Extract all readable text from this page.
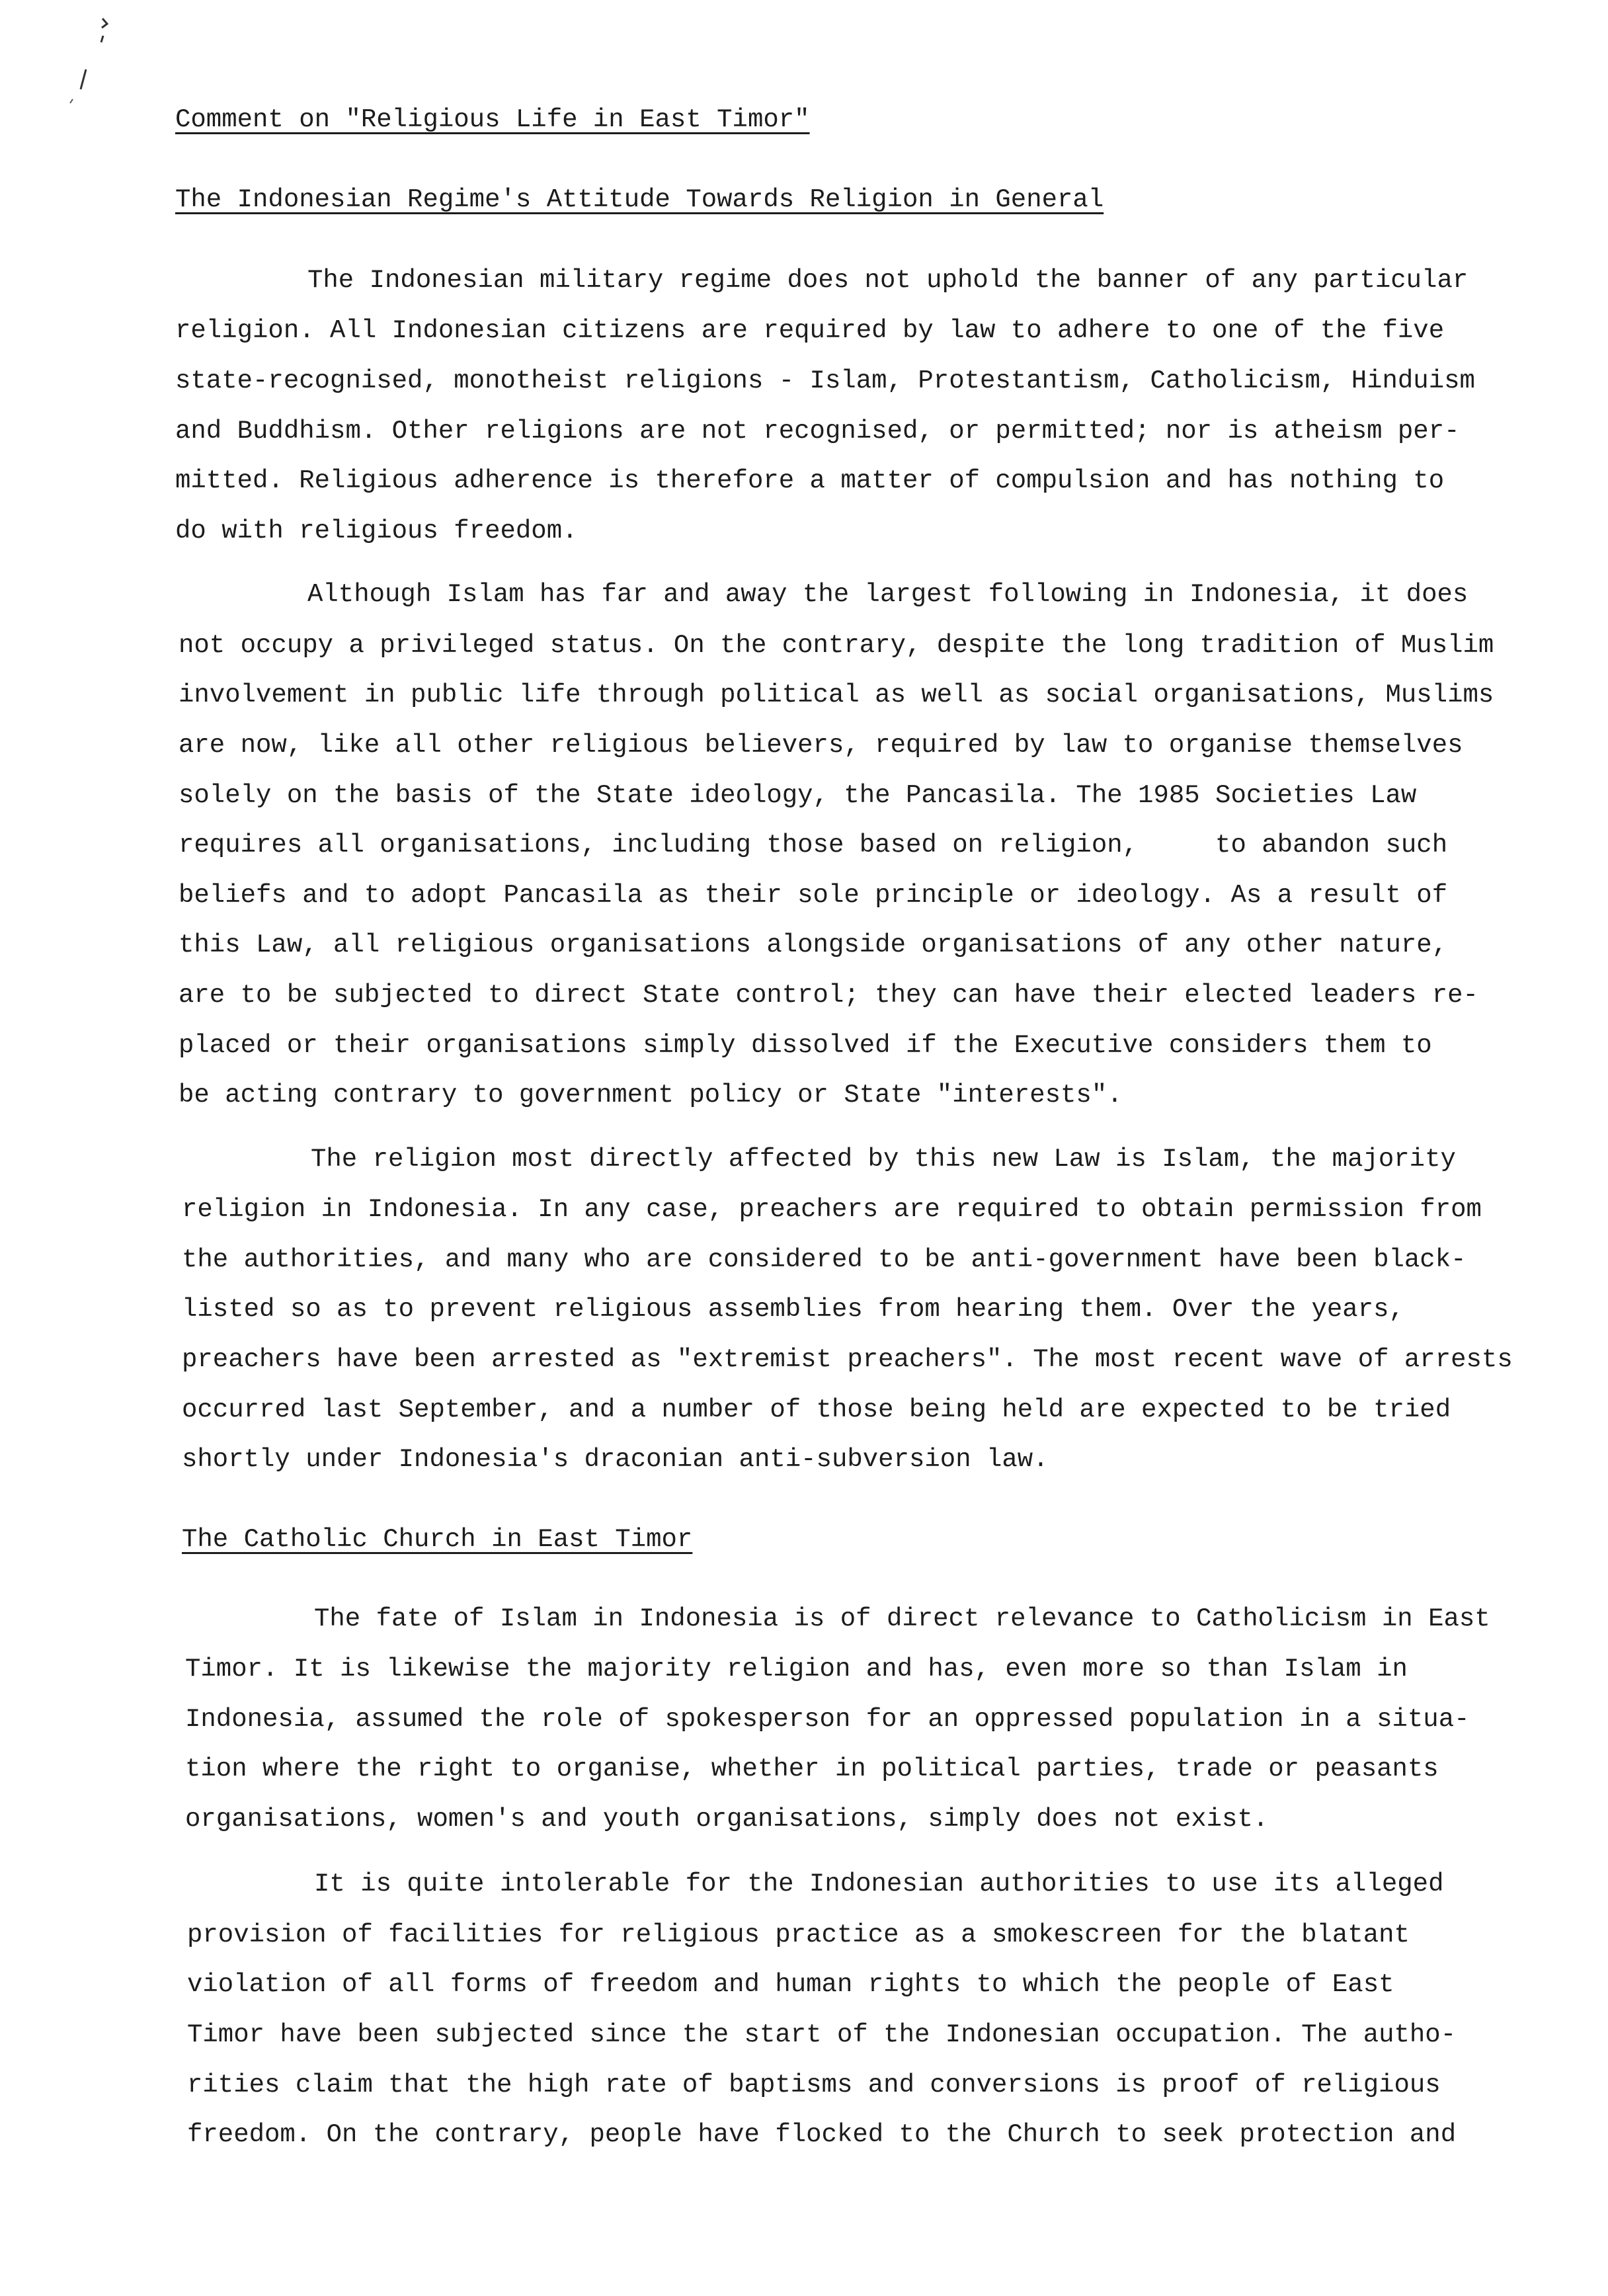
Comment on "Religious Life in East Timor"
The Indonesian Regime's Attitude Towards Religion in General
The Indonesian military regime does not uphold the banner of any particular
religion. All Indonesian citizens are required by law to adhere to one of the five
state-recognised, monotheist religions - Islam, Protestantism, Catholicism, Hinduism
and Buddhism. Other religions are not recognised, or permitted; nor is atheism per-
mitted. Religious adherence is therefore a matter of compulsion and has nothing to
do with religious freedom.
Although Islam has far and away the largest following in Indonesia, it does
not occupy a privileged status. On the contrary, despite the long tradition of Muslim
involvement in public life through political as well as social organisations, Muslims
are now, like all other religious believers, required by law to organise themselves
solely on the basis of the State ideology, the Pancasila. The 1985 Societies Law
requires all organisations, including those based on religion,     to abandon such
beliefs and to adopt Pancasila as their sole principle or ideology. As a result of
this Law, all religious organisations alongside organisations of any other nature,
are to be subjected to direct State control; they can have their elected leaders re-
placed or their organisations simply dissolved if the Executive considers them to
be acting contrary to government policy or State "interests".
The religion most directly affected by this new Law is Islam, the majority
religion in Indonesia. In any case, preachers are required to obtain permission from
the authorities, and many who are considered to be anti-government have been black-
listed so as to prevent religious assemblies from hearing them. Over the years,
preachers have been arrested as "extremist preachers". The most recent wave of arrests
occurred last September, and a number of those being held are expected to be tried
shortly under Indonesia's draconian anti-subversion law.
The Catholic Church in East Timor
The fate of Islam in Indonesia is of direct relevance to Catholicism in East
Timor. It is likewise the majority religion and has, even more so than Islam in
Indonesia, assumed the role of spokesperson for an oppressed population in a situa-
tion where the right to organise, whether in political parties, trade or peasants
organisations, women's and youth organisations, simply does not exist.
It is quite intolerable for the Indonesian authorities to use its alleged
provision of facilities for religious practice as a smokescreen for the blatant
violation of all forms of freedom and human rights to which the people of East
Timor have been subjected since the start of the Indonesian occupation. The autho-
rities claim that the high rate of baptisms and conversions is proof of religious
freedom. On the contrary, people have flocked to the Church to seek protection and
